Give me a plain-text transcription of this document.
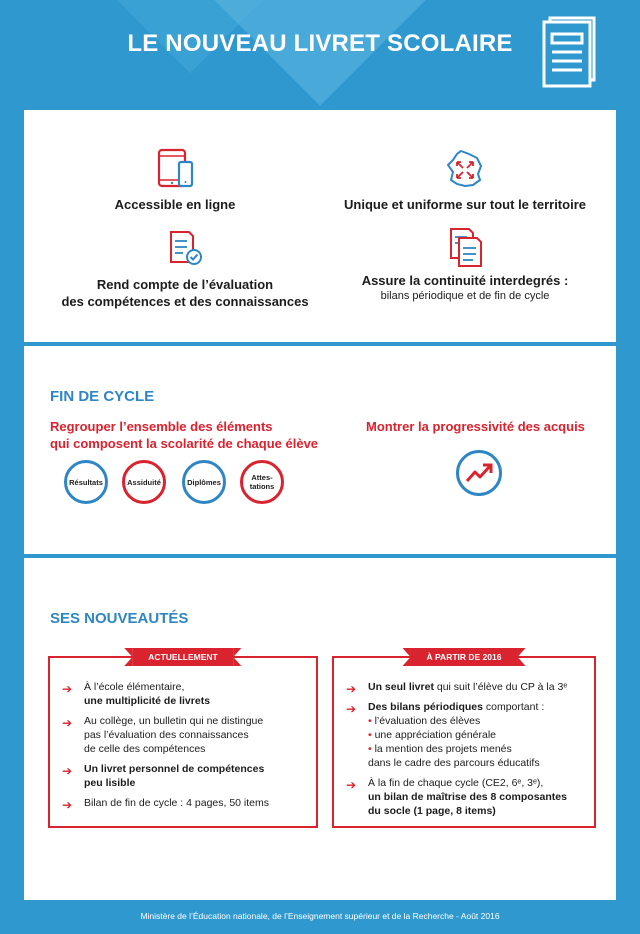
LE NOUVEAU LIVRET SCOLAIRE
Accessible en ligne	Unique et uniforme sur tout le territoire
Rend compte de l’évaluation
des compétences et des connaissances
Assure la continuité interdegrés :
bilans périodique et de fin de cycle
FIN DE CYCLE
Regrouper l’ensemble des éléments
qui composent la scolarité de chaque élève
Montrer la progressivité des acquis
Résultats	Assiduité	Diplômes	Attes-
tations
SES NOUVEAUTÉS
ACTUELLEMENT
➔ À l’école élémentaire,
une multiplicité de livrets
➔ Au collège, un bulletin qui ne distingue
pas l’évaluation des connaissances
de celle des compétences
➔ Un livret personnel de compétences
peu lisible
➔ Bilan de fin de cycle : 4 pages, 50 items
À PARTIR DE 2016
➔ Un seul livret qui suit l’élève du CP à la 3ᵉ
➔ Des bilans périodiques comportant :
• l’évaluation des élèves
• une appréciation générale
• la mention des projets menés
dans le cadre des parcours éducatifs
➔ À la fin de chaque cycle (CE2, 6ᵉ, 3ᵉ),
un bilan de maîtrise des 8 composantes
du socle (1 page, 8 items)
Ministère de l’Éducation nationale, de l’Enseignement supérieur et de la Recherche - Août 2016
